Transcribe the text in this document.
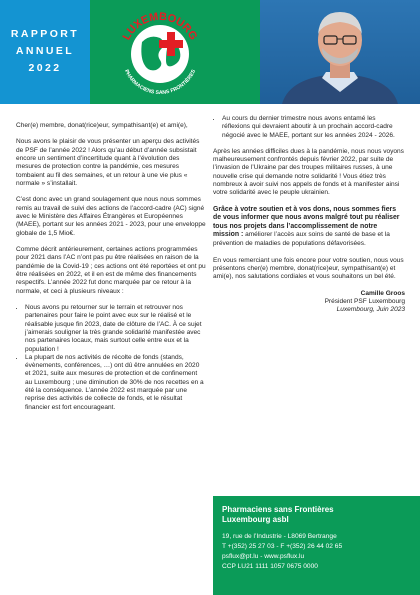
RAPPORT
ANNUEL
2022
LUXEMBOURG
PHARMACIENS SANS FRONTIÈRES

Cher(e) membre, donat(rice)eur, sympathisant(e) et ami(e),

Nous avons le plaisir de vous présenter un aperçu des activités de PSF de l’année 2022 ! Alors qu’au début d’année subsistait encore un sentiment d’incertitude quant à l’évolution des mesures de protection contre la pandémie, ces mesures tombaient au fil des semaines, et un retour à une vie plus « normale » s’installait.

C’est donc avec un grand soulagement que nous nous sommes remis au travail de suivi des actions de l’accord-cadre (AC) signé avec le Ministère des Affaires Étrangères et Européennes (MAEE), portant sur les années 2021 - 2023, pour une enveloppe globale de 1,5 Mio€.

Comme décrit antérieurement, certaines actions programmées pour 2021 dans l’AC n’ont pas pu être réalisées en raison de la pandémie de la Covid-19 ; ces actions ont été reportées et ont pu être réalisées en 2022, et il en est de même des financements respectifs. L’année 2022 fut donc marquée par ce retour à la normale, et ceci à plusieurs niveaux :

• Nous avons pu retourner sur le terrain et retrouver nos partenaires pour faire le point avec eux sur le réalisé et le réalisable jusque fin 2023, date de clôture de l’AC. À ce sujet j’aimerais souligner la très grande solidarité manifestée avec nos partenaires locaux, mais surtout celle entre eux et la population !
• La plupart de nos activités de récolte de fonds (stands, évènements, conférences, …) ont dû être annulées en 2020 et 2021, suite aux mesures de protection et de confinement au Luxembourg ; une diminution de 30% de nos recettes en a été la conséquence. L’année 2022 est marquée par une reprise des activités de collecte de fonds, et le résultat financier est fort encourageant.
• Au cours du dernier trimestre nous avons entamé les réflexions qui devraient aboutir à un prochain accord-cadre négocié avec le MAEE, portant sur les années 2024 - 2026.

Après les années difficiles dues à la pandémie, nous nous voyons malheureusement confrontés depuis février 2022, par suite de l’invasion de l’Ukraine par des troupes militaires russes, à une nouvelle crise qui demande notre solidarité ! Vous étiez très nombreux à avoir suivi nos appels de fonds et à manifester ainsi votre solidarité avec le peuple ukrainien.

Grâce à votre soutien et à vos dons, nous sommes fiers de vous informer que nous avons malgré tout pu réaliser tous nos projets dans l’accomplissement de notre mission : améliorer l’accès aux soins de santé de base et la prévention de maladies de populations défavorisées.

En vous remerciant une fois encore pour votre soutien, nous vous présentons cher(e) membre, donat(rice)eur, sympathisant(e) et ami(e), nos salutations cordiales et vous souhaitons un bel été.

Camille Groos
Président PSF Luxembourg
Luxembourg, Juin 2023
Pharmaciens sans Frontières
Luxembourg asbl
19, rue de l’Industrie - L8069 Bertrange
T +(352) 25 27 03 - F +(352) 26 44 02 65
psflux@pt.lu - www.psflux.lu
CCP LU21 1111 1057 0675 0000
